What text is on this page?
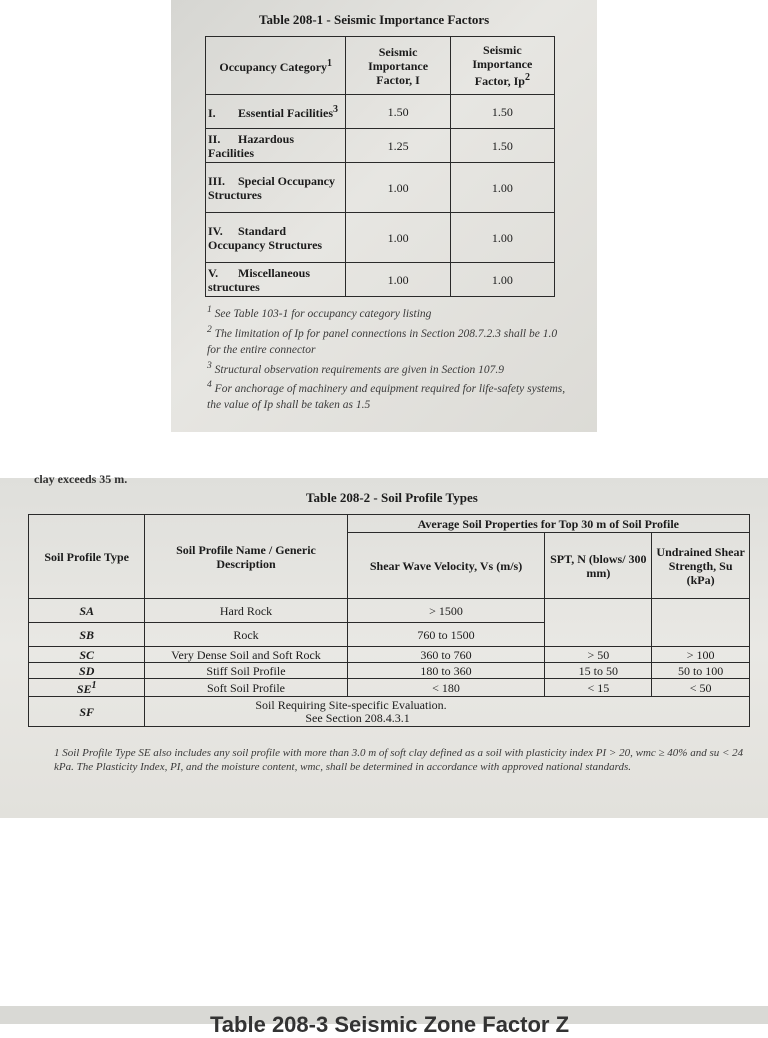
Table 208-1 - Seismic Importance Factors
Occupancy Category$^1$	Seismic Importance Factor, I	Seismic Importance Factor, Ip$^2$
I. Essential Facilities$^3$	1.50	1.50
II. Hazardous Facilities	1.25	1.50
III. Special Occupancy Structures	1.00	1.00
IV. Standard Occupancy Structures	1.00	1.00
V. Miscellaneous structures	1.00	1.00
$^1$ See Table 103-1 for occupancy category listing
$^2$ The limitation of Ip for panel connections in Section 208.7.2.3 shall be 1.0 for the entire connector
$^3$ Structural observation requirements are given in Section 107.9
$^4$ For anchorage of machinery and equipment required for life-safety systems, the value of Ip shall be taken as 1.5
clay exceeds 35 m.
Table 208-2 - Soil Profile Types
Soil Profile Type	Soil Profile Name / Generic Description	Average Soil Properties for Top 30 m of Soil Profile		
		Shear Wave Velocity, Vs (m/s)	SPT, N (blows/ 300 mm)	Undrained Shear Strength, Su (kPa)
SA	Hard Rock	> 1500		
SB	Rock	760 to 1500		
SC	Very Dense Soil and Soft Rock	360 to 760	> 50	> 100
SD	Stiff Soil Profile	180 to 360	15 to 50	50 to 100
$SE^1$	Soft Soil Profile	< 180	< 15	< 50
SF	Soil Requiring Site-specific Evaluation.
See Section 208.4.3.1			
1 Soil Profile Type SE also includes any soil profile with more than 3.0 m of soft clay defined as a soil with plasticity index PI > 20, wmc ≥ 40% and su < 24 kPa. The Plasticity Index, PI, and the moisture content, wmc, shall be determined in accordance with approved national standards.
Table 208-3 Seismic Zone Factor Z
